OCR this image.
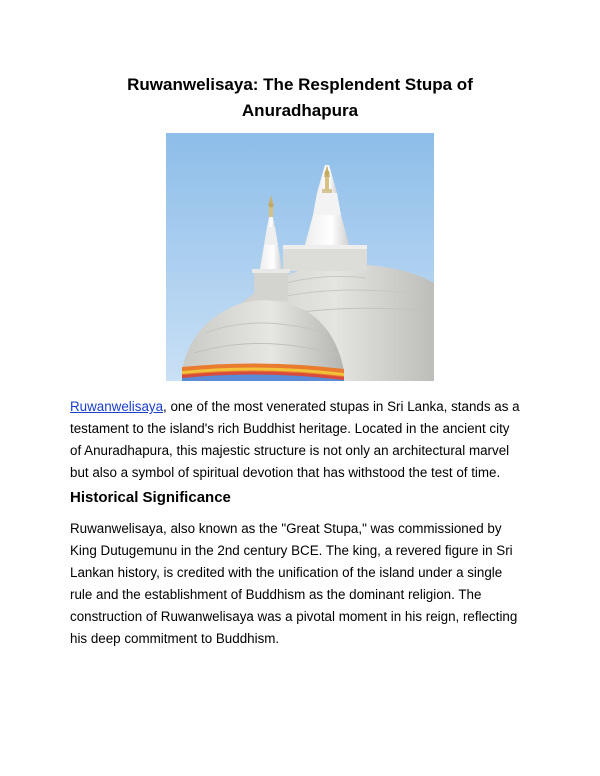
Ruwanwelisaya: The Resplendent Stupa of
Anuradhapura
Ruwanwelisaya, one of the most venerated stupas in Sri Lanka, stands as a
testament to the island's rich Buddhist heritage. Located in the ancient city
of Anuradhapura, this majestic structure is not only an architectural marvel
but also a symbol of spiritual devotion that has withstood the test of time.
Historical Significance
Ruwanwelisaya, also known as the "Great Stupa," was commissioned by
King Dutugemunu in the 2nd century BCE. The king, a revered figure in Sri
Lankan history, is credited with the unification of the island under a single
rule and the establishment of Buddhism as the dominant religion. The
construction of Ruwanwelisaya was a pivotal moment in his reign, reflecting
his deep commitment to Buddhism.
